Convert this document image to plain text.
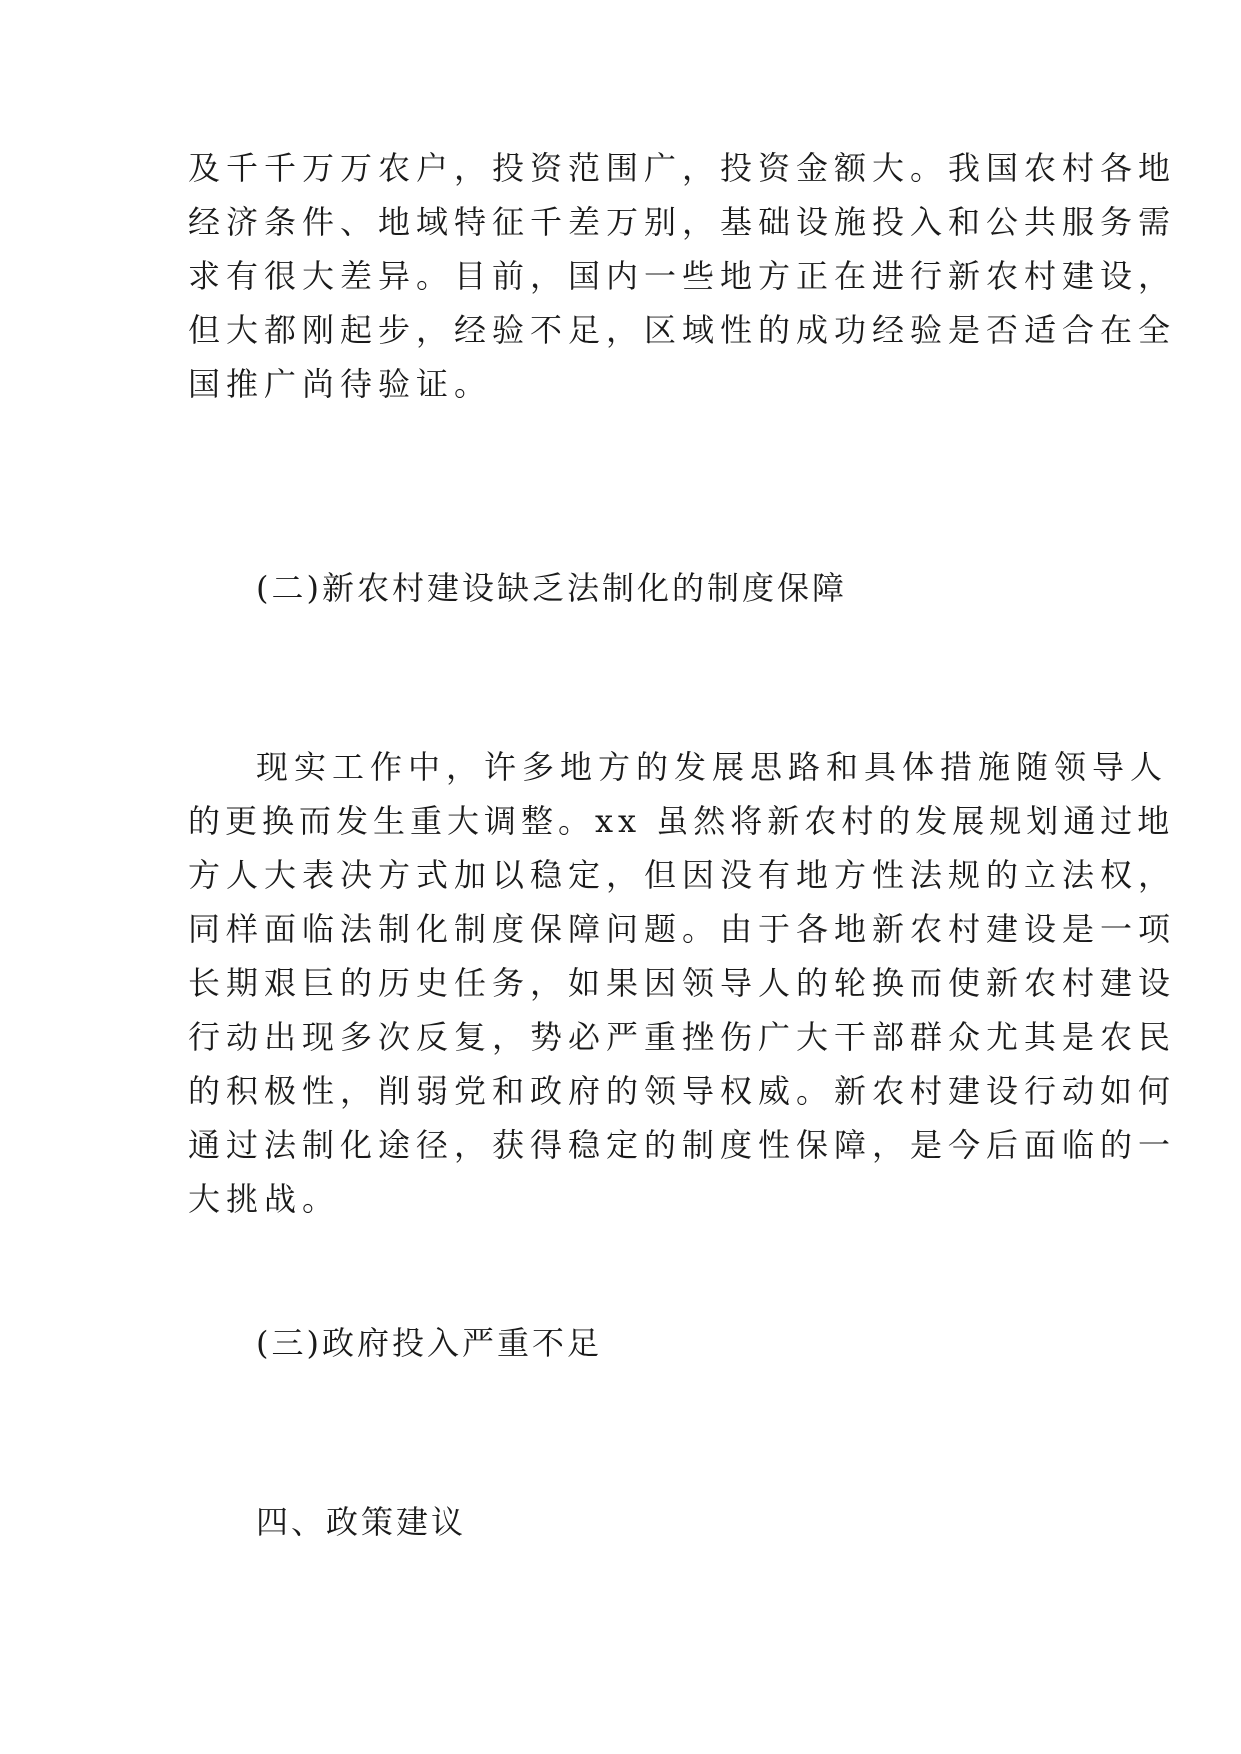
及千千万万农户，投资范围广，投资金额大。我国农村各地
经济条件、地域特征千差万别，基础设施投入和公共服务需
求有很大差异。目前，国内一些地方正在进行新农村建设，
但大都刚起步，经验不足，区域性的成功经验是否适合在全
国推广尚待验证。
(二)新农村建设缺乏法制化的制度保障
现实工作中，许多地方的发展思路和具体措施随领导人
的更换而发生重大调整。xx 虽然将新农村的发展规划通过地
方人大表决方式加以稳定，但因没有地方性法规的立法权，
同样面临法制化制度保障问题。由于各地新农村建设是一项
长期艰巨的历史任务，如果因领导人的轮换而使新农村建设
行动出现多次反复，势必严重挫伤广大干部群众尤其是农民
的积极性，削弱党和政府的领导权威。新农村建设行动如何
通过法制化途径，获得稳定的制度性保障，是今后面临的一
大挑战。
(三)政府投入严重不足
四、政策建议
